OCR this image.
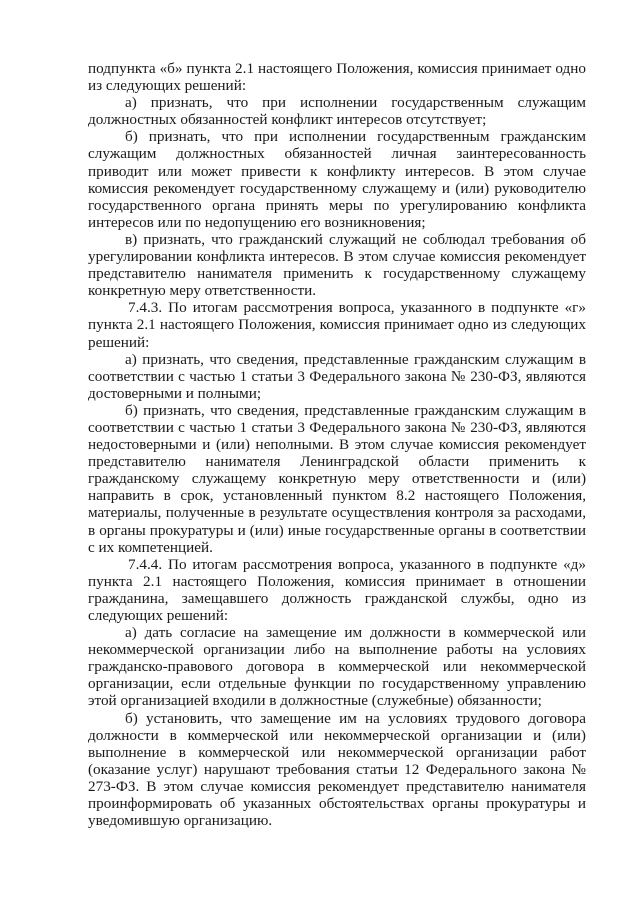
подпункта «б» пункта 2.1 настоящего Положения, комиссия принимает одно из следующих решений:

а) признать, что при исполнении государственным служащим должностных обязанностей конфликт интересов отсутствует;

б) признать, что при исполнении государственным гражданским служащим должностных обязанностей личная заинтересованность приводит или может привести к конфликту интересов. В этом случае комиссия рекомендует государственному служащему и (или) руководителю государственного органа принять меры по урегулированию конфликта интересов или по недопущению его возникновения;

в) признать, что гражданский служащий не соблюдал требования об урегулировании конфликта интересов. В этом случае комиссия рекомендует представителю нанимателя применить к государственному служащему конкретную меру ответственности.

7.4.3. По итогам рассмотрения вопроса, указанного в подпункте «г» пункта 2.1 настоящего Положения, комиссия принимает одно из следующих решений:

а) признать, что сведения, представленные гражданским служащим в соответствии с частью 1 статьи 3 Федерального закона № 230-ФЗ, являются достоверными и полными;

б) признать, что сведения, представленные гражданским служащим в соответствии с частью 1 статьи 3 Федерального закона № 230-ФЗ, являются недостоверными и (или) неполными. В этом случае комиссия рекомендует представителю нанимателя Ленинградской области применить к гражданскому служащему конкретную меру ответственности и (или) направить в срок, установленный пунктом 8.2 настоящего Положения, материалы, полученные в результате осуществления контроля за расходами, в органы прокуратуры и (или) иные государственные органы в соответствии с их компетенцией.

7.4.4. По итогам рассмотрения вопроса, указанного в подпункте «д» пункта 2.1 настоящего Положения, комиссия принимает в отношении гражданина, замещавшего должность гражданской службы, одно из следующих решений:

а) дать согласие на замещение им должности в коммерческой или некоммерческой организации либо на выполнение работы на условиях гражданско-правового договора в коммерческой или некоммерческой организации, если отдельные функции по государственному управлению этой организацией входили в должностные (служебные) обязанности;

б) установить, что замещение им на условиях трудового договора должности в коммерческой или некоммерческой организации и (или) выполнение в коммерческой или некоммерческой организации работ (оказание услуг) нарушают требования статьи 12 Федерального закона № 273-ФЗ. В этом случае комиссия рекомендует представителю нанимателя проинформировать об указанных обстоятельствах органы прокуратуры и уведомившую организацию.
